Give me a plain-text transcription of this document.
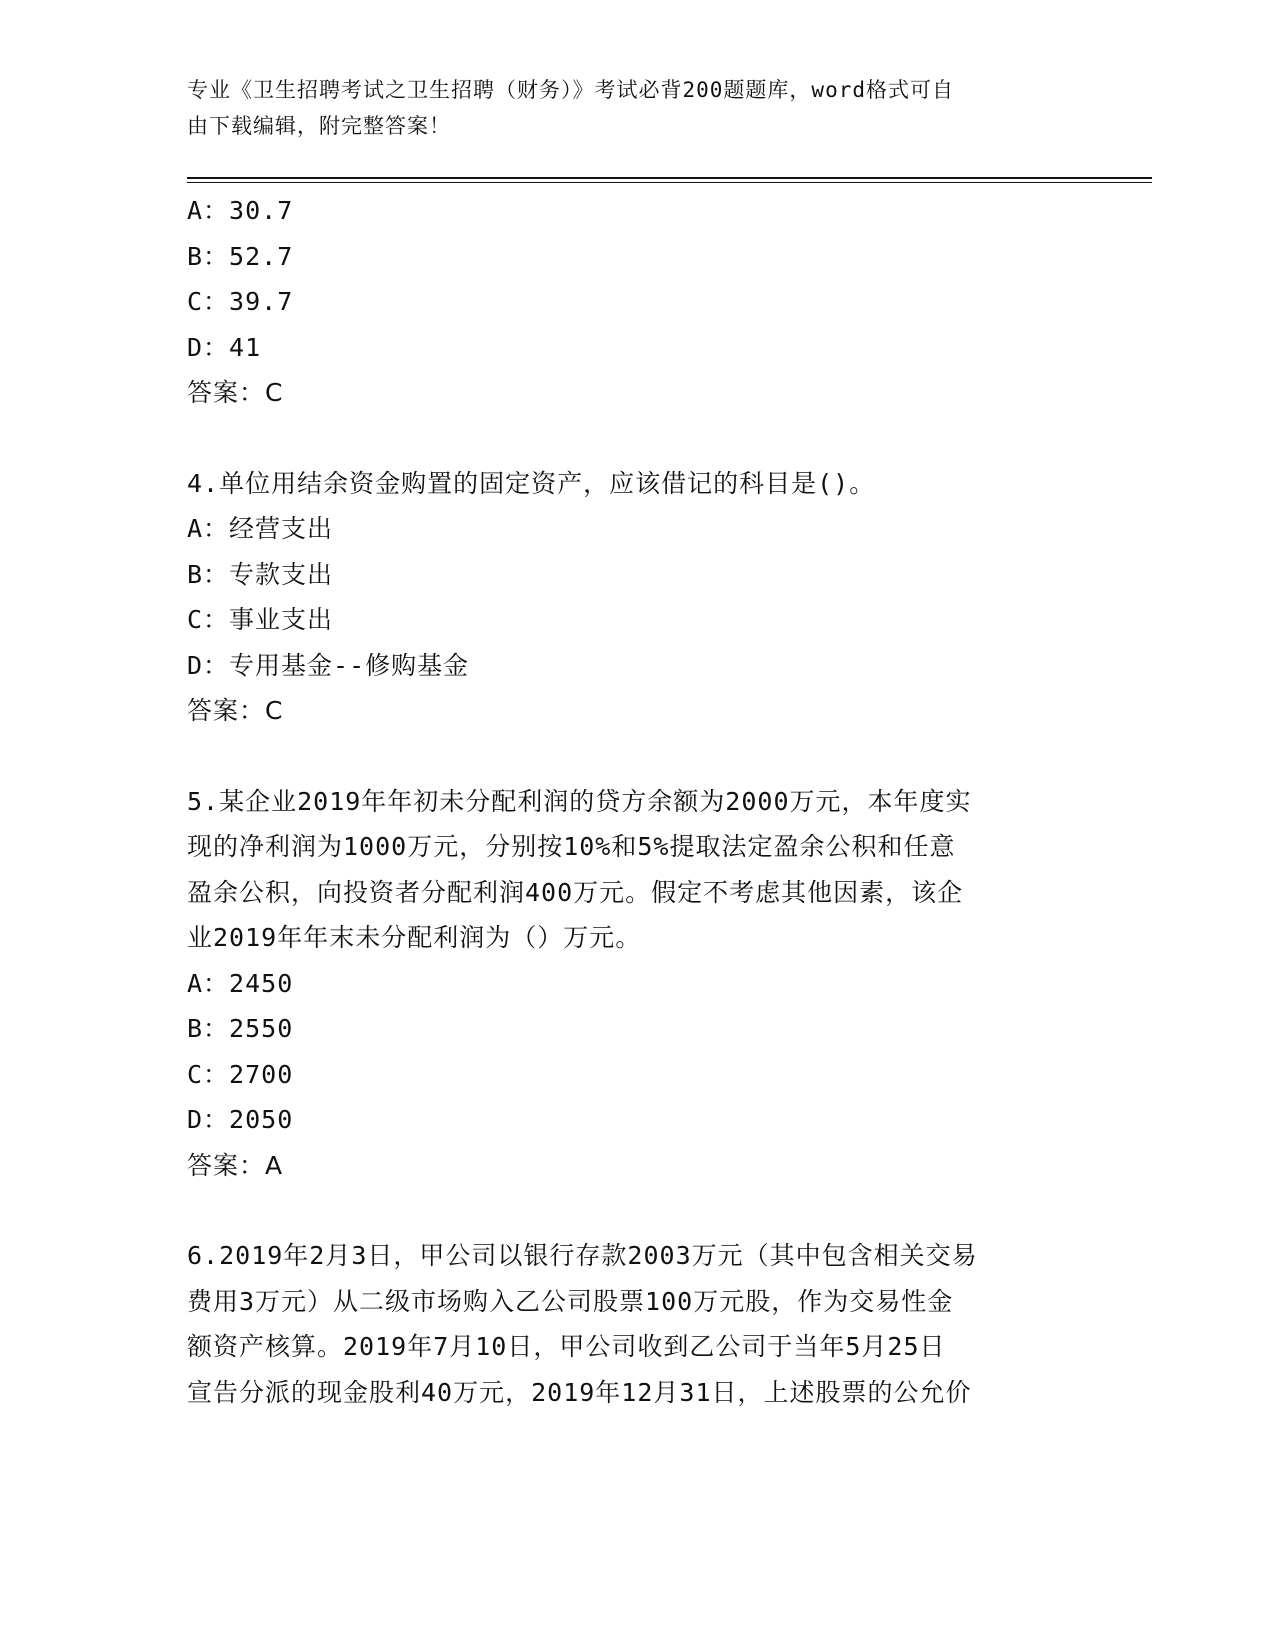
专业《卫生招聘考试之卫生招聘（财务）》考试必背200题题库，word格式可自
由下载编辑，附完整答案！
A：30.7
B：52.7
C：39.7
D：41
答案：C
4.单位用结余资金购置的固定资产，应该借记的科目是()。
A：经营支出
B：专款支出
C：事业支出
D：专用基金--修购基金
答案：C
5.某企业2019年年初未分配利润的贷方余额为2000万元，本年度实
现的净利润为1000万元，分别按10%和5%提取法定盈余公积和任意
盈余公积，向投资者分配利润400万元。假定不考虑其他因素，该企
业2019年年末未分配利润为（）万元。
A：2450
B：2550
C：2700
D：2050
答案：A
6.2019年2月3日，甲公司以银行存款2003万元（其中包含相关交易
费用3万元）从二级市场购入乙公司股票100万元股，作为交易性金
额资产核算。2019年7月10日，甲公司收到乙公司于当年5月25日
宣告分派的现金股利40万元，2019年12月31日，上述股票的公允价
